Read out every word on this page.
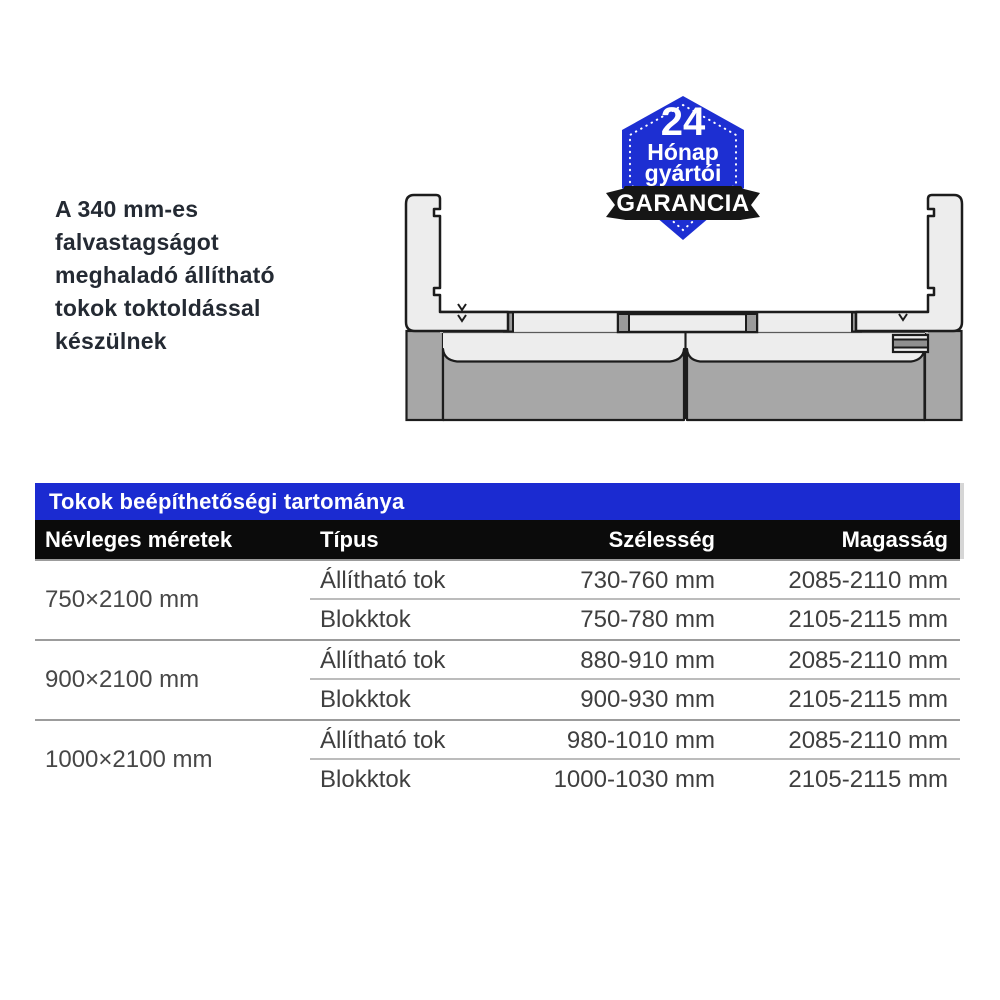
A 340 mm-es
falvastagságot
meghaladó állítható
tokok toktoldással
készülnek
24
Hónap
gyártói
GARANCIA
Tokok beépíthetőségi tartománya
Névleges méretek	Típus	Szélesség	Magasság
750×2100 mm
Állítható tok	730-760 mm	2085-2110 mm
Blokktok	750-780 mm	2105-2115 mm
900×2100 mm
Állítható tok	880-910 mm	2085-2110 mm
Blokktok	900-930 mm	2105-2115 mm
1000×2100 mm
Állítható tok	980-1010 mm	2085-2110 mm
Blokktok	1000-1030 mm	2105-2115 mm
